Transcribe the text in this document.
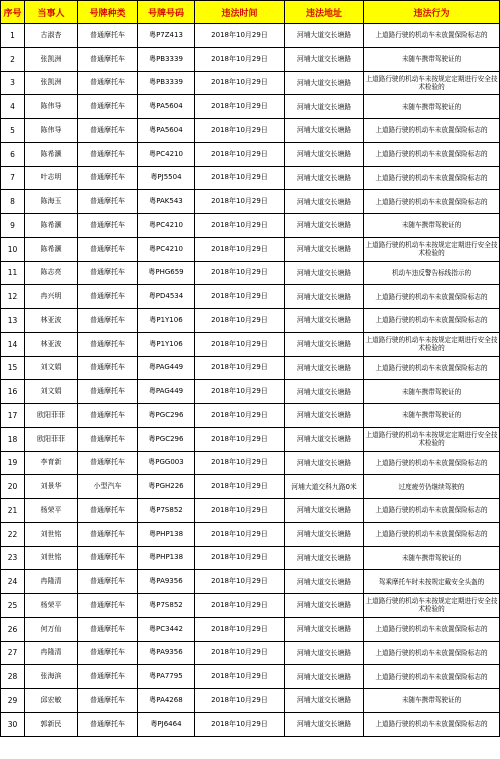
序号	当事人	号牌种类	号牌号码	违法时间	违法地址	违法行为
1	古淑杏	普通摩托车	粤P7Z413	2018年10月29日	河埔大道交长塘路	上道路行驶的机动车未放置保险标志的
2	张凯洲	普通摩托车	粤PB3339	2018年10月29日	河埔大道交长塘路	未随车携带驾驶证的
3	张凯洲	普通摩托车	粤PB3339	2018年10月29日	河埔大道交长塘路	上道路行驶的机动车未按规定定期进行安全技术检验的
4	陈伟导	普通摩托车	粤PA5604	2018年10月29日	河埔大道交长塘路	未随车携带驾驶证的
5	陈伟导	普通摩托车	粤PA5604	2018年10月29日	河埔大道交长塘路	上道路行驶的机动车未放置保险标志的
6	陈希灏	普通摩托车	粤PC4210	2018年10月29日	河埔大道交长塘路	上道路行驶的机动车未放置保险标志的
7	叶志明	普通摩托车	粤PJ5504	2018年10月29日	河埔大道交长塘路	上道路行驶的机动车未放置保险标志的
8	陈海玉	普通摩托车	粤PAK543	2018年10月29日	河埔大道交长塘路	上道路行驶的机动车未放置保险标志的
9	陈希灏	普通摩托车	粤PC4210	2018年10月29日	河埔大道交长塘路	未随车携带驾驶证的
10	陈希灏	普通摩托车	粤PC4210	2018年10月29日	河埔大道交长塘路	上道路行驶的机动车未按规定定期进行安全技术检验的
11	陈志亮	普通摩托车	粤PHG659	2018年10月29日	河埔大道交长塘路	机动车违反警告标线指示的
12	冉兴明	普通摩托车	粤PD4534	2018年10月29日	河埔大道交长塘路	上道路行驶的机动车未放置保险标志的
13	林亚波	普通摩托车	粤P1Y106	2018年10月29日	河埔大道交长塘路	上道路行驶的机动车未放置保险标志的
14	林亚波	普通摩托车	粤P1Y106	2018年10月29日	河埔大道交长塘路	上道路行驶的机动车未按规定定期进行安全技术检验的
15	刘文娟	普通摩托车	粤PAG449	2018年10月29日	河埔大道交长塘路	上道路行驶的机动车未放置保险标志的
16	刘文娟	普通摩托车	粤PAG449	2018年10月29日	河埔大道交长塘路	未随车携带驾驶证的
17	欧阳菲菲	普通摩托车	粤PGC296	2018年10月29日	河埔大道交长塘路	未随车携带驾驶证的
18	欧阳菲菲	普通摩托车	粤PGC296	2018年10月29日	河埔大道交长塘路	上道路行驶的机动车未按规定定期进行安全技术检验的
19	李育新	普通摩托车	粤PGG003	2018年10月29日	河埔大道交长塘路	上道路行驶的机动车未放置保险标志的
20	刘景华	小型汽车	粤PGH226	2018年10月29日	河埔大道交科九路0米	过度疲劳仍继续驾驶的
21	杨荣平	普通摩托车	粤P7S852	2018年10月29日	河埔大道交长塘路	上道路行驶的机动车未放置保险标志的
22	刘世铭	普通摩托车	粤PHP138	2018年10月29日	河埔大道交长塘路	上道路行驶的机动车未放置保险标志的
23	刘世铭	普通摩托车	粤PHP138	2018年10月29日	河埔大道交长塘路	未随车携带驾驶证的
24	冉隆清	普通摩托车	粤PA9356	2018年10月29日	河埔大道交长塘路	驾乘摩托车时未按规定戴安全头盔的
25	杨荣平	普通摩托车	粤P7S852	2018年10月29日	河埔大道交长塘路	上道路行驶的机动车未按规定定期进行安全技术检验的
26	何万仙	普通摩托车	粤PC3442	2018年10月29日	河埔大道交长塘路	上道路行驶的机动车未放置保险标志的
27	冉隆清	普通摩托车	粤PA9356	2018年10月29日	河埔大道交长塘路	上道路行驶的机动车未放置保险标志的
28	张海滨	普通摩托车	粤PA7795	2018年10月29日	河埔大道交长塘路	上道路行驶的机动车未放置保险标志的
29	邱宏敏	普通摩托车	粤PA4268	2018年10月29日	河埔大道交长塘路	未随车携带驾驶证的
30	郭新民	普通摩托车	粤PJ6464	2018年10月29日	河埔大道交长塘路	上道路行驶的机动车未放置保险标志的
